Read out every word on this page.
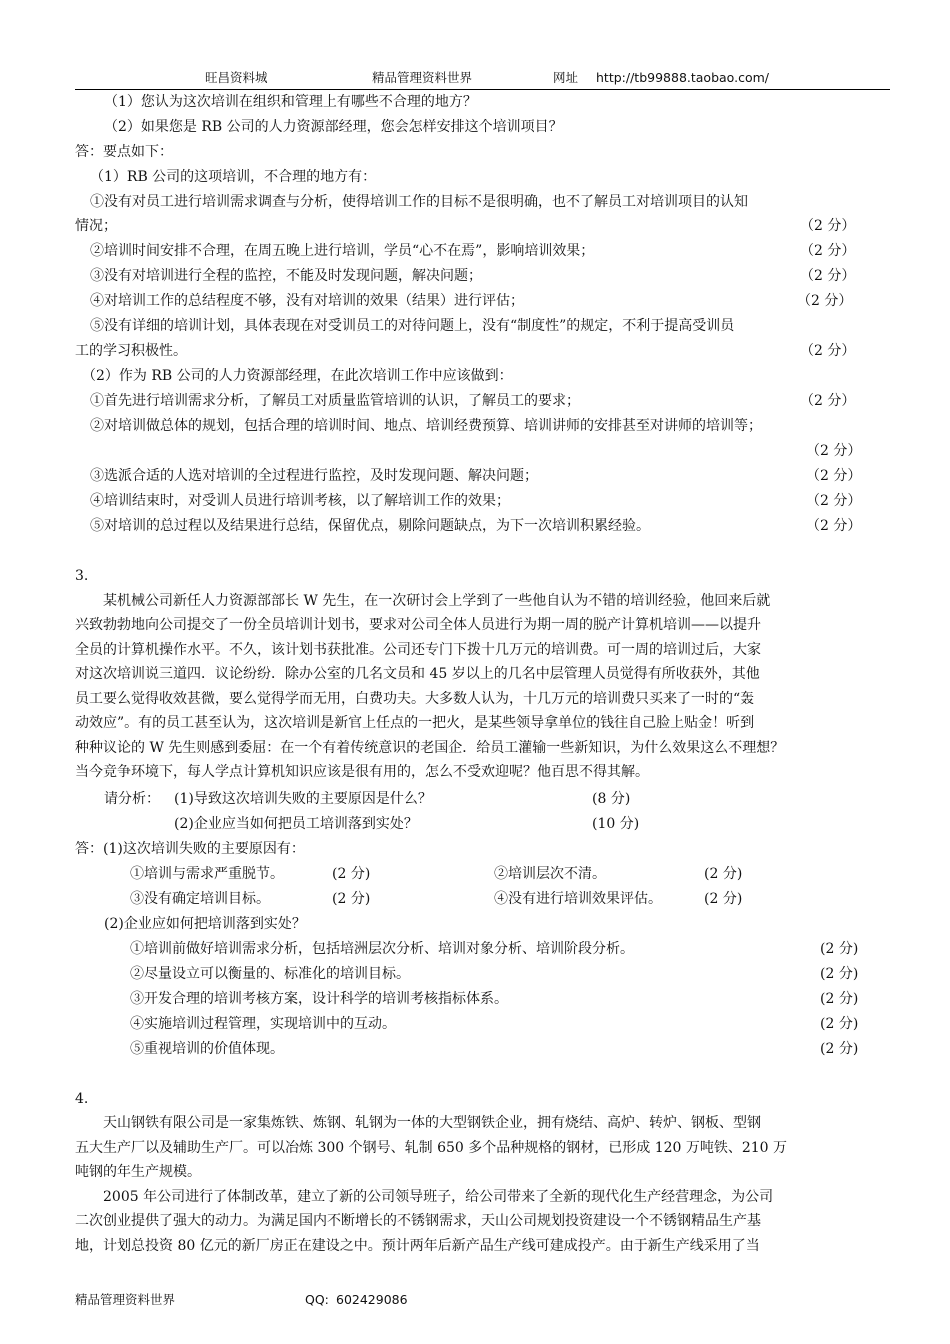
旺昌资料城	精品管理资料世界	网址 http://tb99888.taobao.com/
（1）您认为这次培训在组织和管理上有哪些不合理的地方？
（2）如果您是 RB 公司的人力资源部经理，您会怎样安排这个培训项目？
答：要点如下：
（1）RB 公司的这项培训，不合理的地方有：
①没有对员工进行培训需求调查与分析，使得培训工作的目标不是很明确，也不了解员工对培训项目的认知
情况；	（2 分）
②培训时间安排不合理，在周五晚上进行培训，学员“心不在焉”，影响培训效果；	（2 分）
③没有对培训进行全程的监控，不能及时发现问题，解决问题；	（2 分）
④对培训工作的总结程度不够，没有对培训的效果（结果）进行评估；	（2 分）
⑤没有详细的培训计划，具体表现在对受训员工的对待问题上，没有“制度性”的规定，不利于提高受训员
工的学习积极性。	（2 分）
（2）作为 RB 公司的人力资源部经理，在此次培训工作中应该做到：
①首先进行培训需求分析，了解员工对质量监管培训的认识，了解员工的要求；	（2 分）
②对培训做总体的规划，包括合理的培训时间、地点、培训经费预算、培训讲师的安排甚至对讲师的培训等；
（2 分）
③选派合适的人选对培训的全过程进行监控，及时发现问题、解决问题；	（2 分）
④培训结束时，对受训人员进行培训考核，以了解培训工作的效果；	（2 分）
⑤对培训的总过程以及结果进行总结，保留优点，剔除问题缺点，为下一次培训积累经验。	（2 分）
3.
　　某机械公司新任人力资源部部长 W 先生，在一次研讨会上学到了一些他自认为不错的培训经验，他回来后就
兴致勃勃地向公司提交了一份全员培训计划书，要求对公司全体人员进行为期一周的脱产计算机培训——以提升
全员的计算机操作水平。不久，该计划书获批准。公司还专门下拨十几万元的培训费。可一周的培训过后，大家
对这次培训说三道四．议论纷纷．除办公室的几名文员和 45 岁以上的几名中层管理人员觉得有所收获外，其他
员工要么觉得收效甚微，要么觉得学而无用，白费功夫。大多数人认为，十几万元的培训费只买来了一时的“轰
动效应”。有的员工甚至认为，这次培训是新官上任点的一把火，是某些领导拿单位的钱往自己脸上贴金！听到
种种议论的 W 先生则感到委屈：在一个有着传统意识的老国企．给员工灌输一些新知识，为什么效果这么不理想？
当今竞争环境下，每人学点计算机知识应该是很有用的，怎么不受欢迎呢？他百思不得其解。
请分析： (1)导致这次培训失败的主要原因是什么？	(8 分)
(2)企业应当如何把员工培训落到实处？	(10 分)
答：(1)这次培训失败的主要原因有：
①培训与需求严重脱节。	(2 分)	②培训层次不清。	(2 分)
③没有确定培训目标。	(2 分)	④没有进行培训效果评估。	(2 分)
(2)企业应如何把培训落到实处？
①培训前做好培训需求分析，包括培洲层次分析、培训对象分析、培训阶段分析。	(2 分)
②尽量设立可以衡量的、标准化的培训目标。	(2 分)
③开发合理的培训考核方案，设计科学的培训考核指标体系。	(2 分)
④实施培训过程管理，实现培训中的互动。	(2 分)
⑤重视培训的价值体现。	(2 分)
4.
　　天山钢铁有限公司是一家集炼铁、炼钢、轧钢为一体的大型钢铁企业，拥有烧结、高炉、转炉、钢板、型钢
五大生产厂以及辅助生产厂。可以冶炼 300 个钢号、轧制 650 多个品种规格的钢材，已形成 120 万吨铁、210 万
吨钢的年生产规模。
　　2005 年公司进行了体制改革，建立了新的公司领导班子，给公司带来了全新的现代化生产经营理念，为公司
二次创业提供了强大的动力。为满足国内不断增长的不锈钢需求，天山公司规划投资建设一个不锈钢精品生产基
地，计划总投资 80 亿元的新厂房正在建设之中。预计两年后新产品生产线可建成投产。由于新生产线采用了当
精品管理资料世界	QQ: 602429086
